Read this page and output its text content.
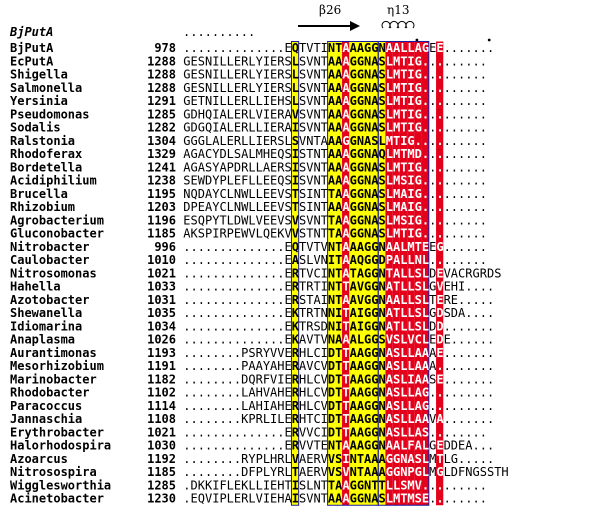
BjPutA	..........
β26	η13
BjPutA	978 ..............EQTVTINTAAAGGNAALLAGEE.......
EcPutA	1288 GESNILLERLYIERSLSVNTAAAGGNASLMTIG.........
Shigella	1288 GESNILLERLYIERSLSVNTAAAGGNASLMTIG.........
Salmonella	1288 GESNILLERLYIERSLSVNTAAAGGNASLMTIG.........
Yersinia	1291 GETNILLERLLIEHSLSVNTAAAGGNASLMTIG.........
Pseudomonas	1285 GDHQIALERLVIERAVSVNTAAAGGNASLMTIG.........
Sodalis	1282 GDGQIALERLLIERAISVNTAAAGGNASLMTIG.........
Ralstonia	1304 GGGLALERLLIERSLSVNTAAAGGNASLMTIG..........
Rhodoferax	1329 AGACYDLSALMHEQSISTNTAAAGGNAQLMTMD.........
Bordetella	1241 AGASYAPDRLLAERSISVNTAAAGGNASLMTIG.........
Acidiphilium	1238 SEWDYPLEFLLEEQSISVNTAAAGGNASLMSIG.........
Brucella	1195 NQDAYCLNWLLEEVSTSINTTAAGGNASLMAIG.........
Rhizobium	1203 DPEAYCLNWLLEEVSTSINTAAAGGNASLMAIG.........
Agrobacterium	1196 ESQPYTLDWLVEEVSVSVNTTAAGGNASLMSIG.........
Gluconobacter	1185 AKSPIRPEWVLQEKVVSTNTTAAGGNASLMTIG.........
Nitrobacter	996 ..............EQTVTVNTAAAGGNAALMTEEG......
Caulobacter	1010 ..............EASLVNITAAQGGDPALLNL........
Nitrosomonas	1021 ..............ERTVCINTATAGGNTALLSLDEVACRGRDS
Hahella	1033 ..............ERTRTINTTAVGGNATLLSLGVEHI....
Azotobacter	1031 ..............ERSTAINTAAVGGNAALLSLTERE.....
Shewanella	1035 ..............EKTRTNNITAIGGNATLLSLGDSDA....
Idiomarina	1034 ..............EKTRSDNITAIGGNATLLSLDD.......
Anaplasma	1026 ..............EKAVTVNAAALGGSVSLVCLEDE......
Aurantimonas	1193 ........PSRYVVERHLCIDTTAAGGNASLLAAAE.......
Mesorhizobium	1191 ........PAAYAHERAVCVDTTAAGGNASLLAAA........
Marinobacter	1182 ........DQRFVIERHLCVDTTAAGGNASLIAASE.......
Rhodobacter	1102 ........LAHVAHERHLCVDTTAAGGNASLLAG.........
Paracoccus	1114 ........LAHIAHERHLCVDTTAAGGNASLLAG.........
Jannaschia	1108 ........KPRLILERHTCIDTTAAGGNASLLAAVA.......
Erythrobacter	1021 ..............ERVVCIDTTAAGGNASLLAS........
Halorhodospira	1030 ..............ERVVTENTAAAGGNAALFALGEDDEA...
Azoarcus	1192 ........RYPLHRLVAERVVSINTAAAGGNASLMTLG.....
Nitrosospira	1185 ........DFPLYRLTAERVVSVNTAAAGGNPGLMGLDFNGSSTH
Wigglesworthia	1285 .DKKIFLEKLLIEHTISLNTTAAGGNTTLLSMV.........
Acinetobacter	1230 .EQVIPLERLVIEHAISVNTAAAGGNASLMTMSE........
